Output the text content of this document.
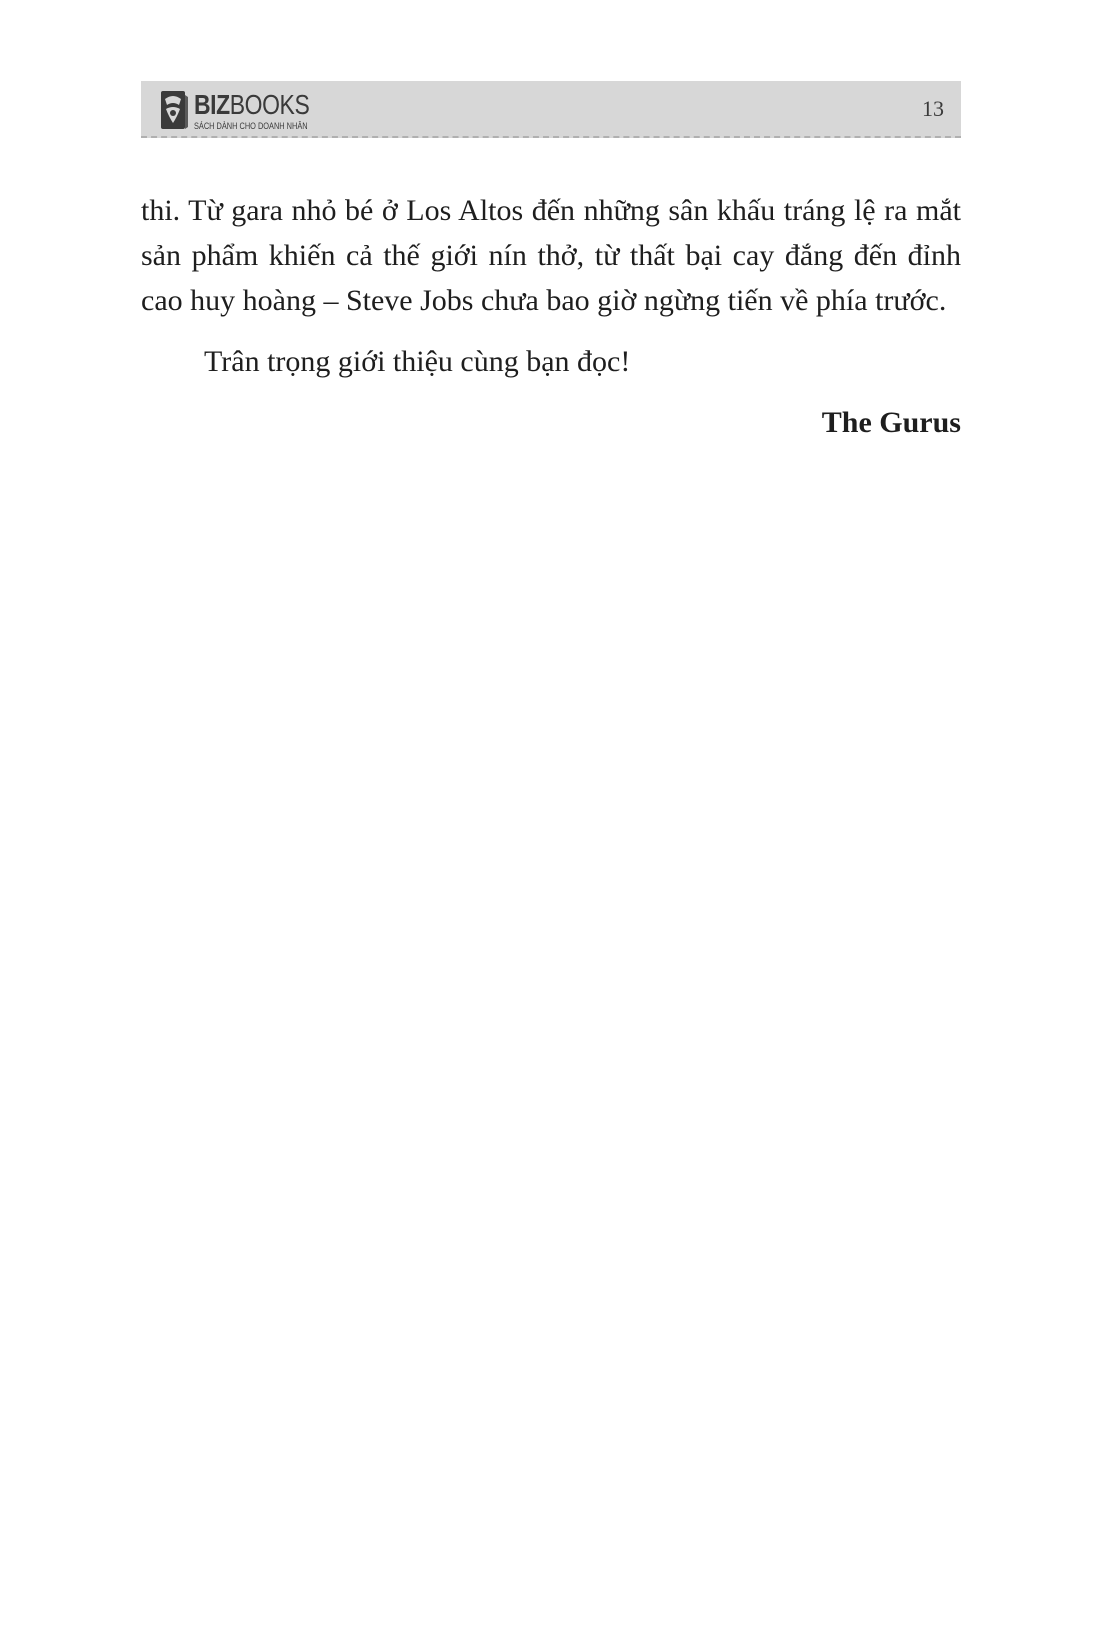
BIZBOOKS
SÁCH DÀNH CHO DOANH NHÂN
13

thi. Từ gara nhỏ bé ở Los Altos đến những sân khấu tráng lệ ra mắt sản phẩm khiến cả thế giới nín thở, từ thất bại cay đắng đến đỉnh cao huy hoàng – Steve Jobs chưa bao giờ ngừng tiến về phía trước.

Trân trọng giới thiệu cùng bạn đọc!

The Gurus
